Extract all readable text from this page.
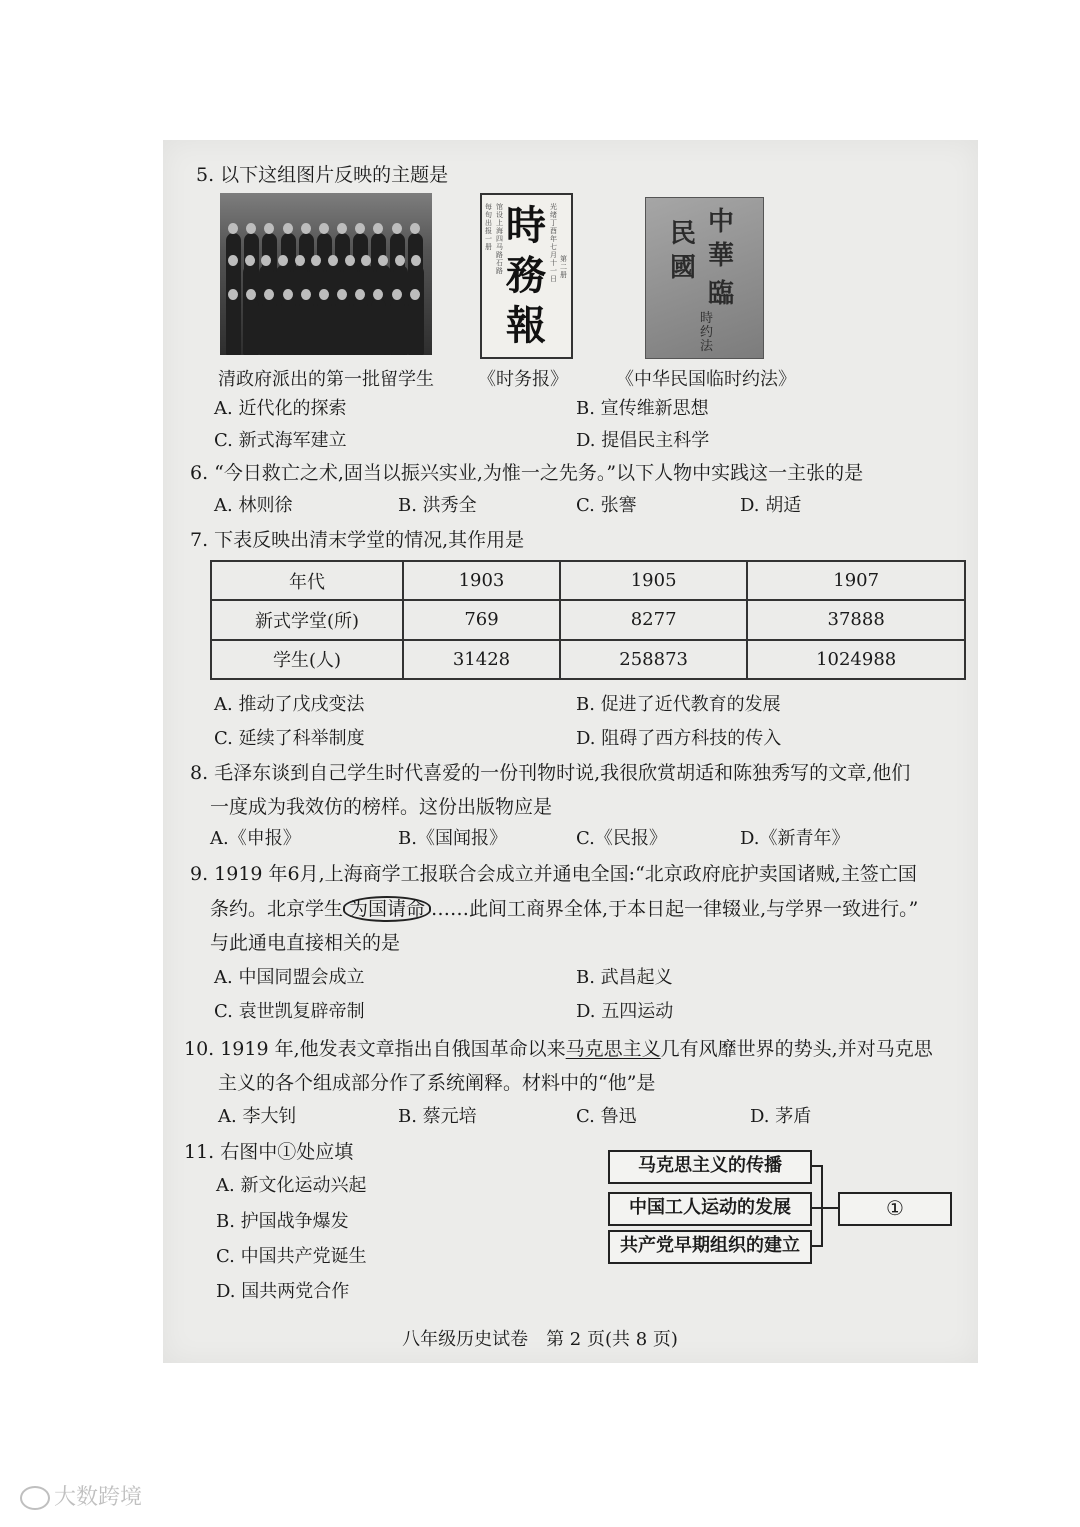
5. 以下这组图片反映的主题是
每旬出报一册
馆设上海四马路石路
光绪丁酉年七月十一日
第二册
時
務
報
中
華
民
國
臨
時约法
清政府派出的第一批留学生 《时务报》	《中华民国临时约法》
A. 近代化的探索	B. 宣传维新思想
C. 新式海军建立	D. 提倡民主科学
6. “今日救亡之术,固当以振兴实业,为惟一之先务。”以下人物中实践这一主张的是
A. 林则徐	B. 洪秀全	C. 张謇	D. 胡适
7. 下表反映出清末学堂的情况,其作用是
年代	1903	1905	1907
新式学堂(所)	769	8277	37888
学生(人)	31428	258873	1024988
A. 推动了戊戌变法	B. 促进了近代教育的发展
C. 延续了科举制度	D. 阻碍了西方科技的传入
8. 毛泽东谈到自己学生时代喜爱的一份刊物时说,我很欣赏胡适和陈独秀写的文章,他们
一度成为我效仿的榜样。这份出版物应是
A.《申报》	B.《国闻报》	C.《民报》	D.《新青年》
9. 1919 年6月,上海商学工报联合会成立并通电全国:“北京政府庇护卖国诸贼,主签亡国
条约。北京学生 为国请命 ……此间工商界全体,于本日起一律辍业,与学界一致进行。”
与此通电直接相关的是
A. 中国同盟会成立	B. 武昌起义
C. 袁世凯复辟帝制	D. 五四运动
10. 1919 年,他发表文章指出自俄国革命以来马克思主义几有风靡世界的势头,并对马克思
主义的各个组成部分作了系统阐释。材料中的“他”是
A. 李大钊	B. 蔡元培	C. 鲁迅	D. 茅盾
11. 右图中①处应填
A. 新文化运动兴起
B. 护国战争爆发
C. 中国共产党诞生
D. 国共两党合作
马克思主义的传播
中国工人运动的发展
共产党早期组织的建立
①
八年级历史试卷　第 2 页(共 8 页)
大数跨境
